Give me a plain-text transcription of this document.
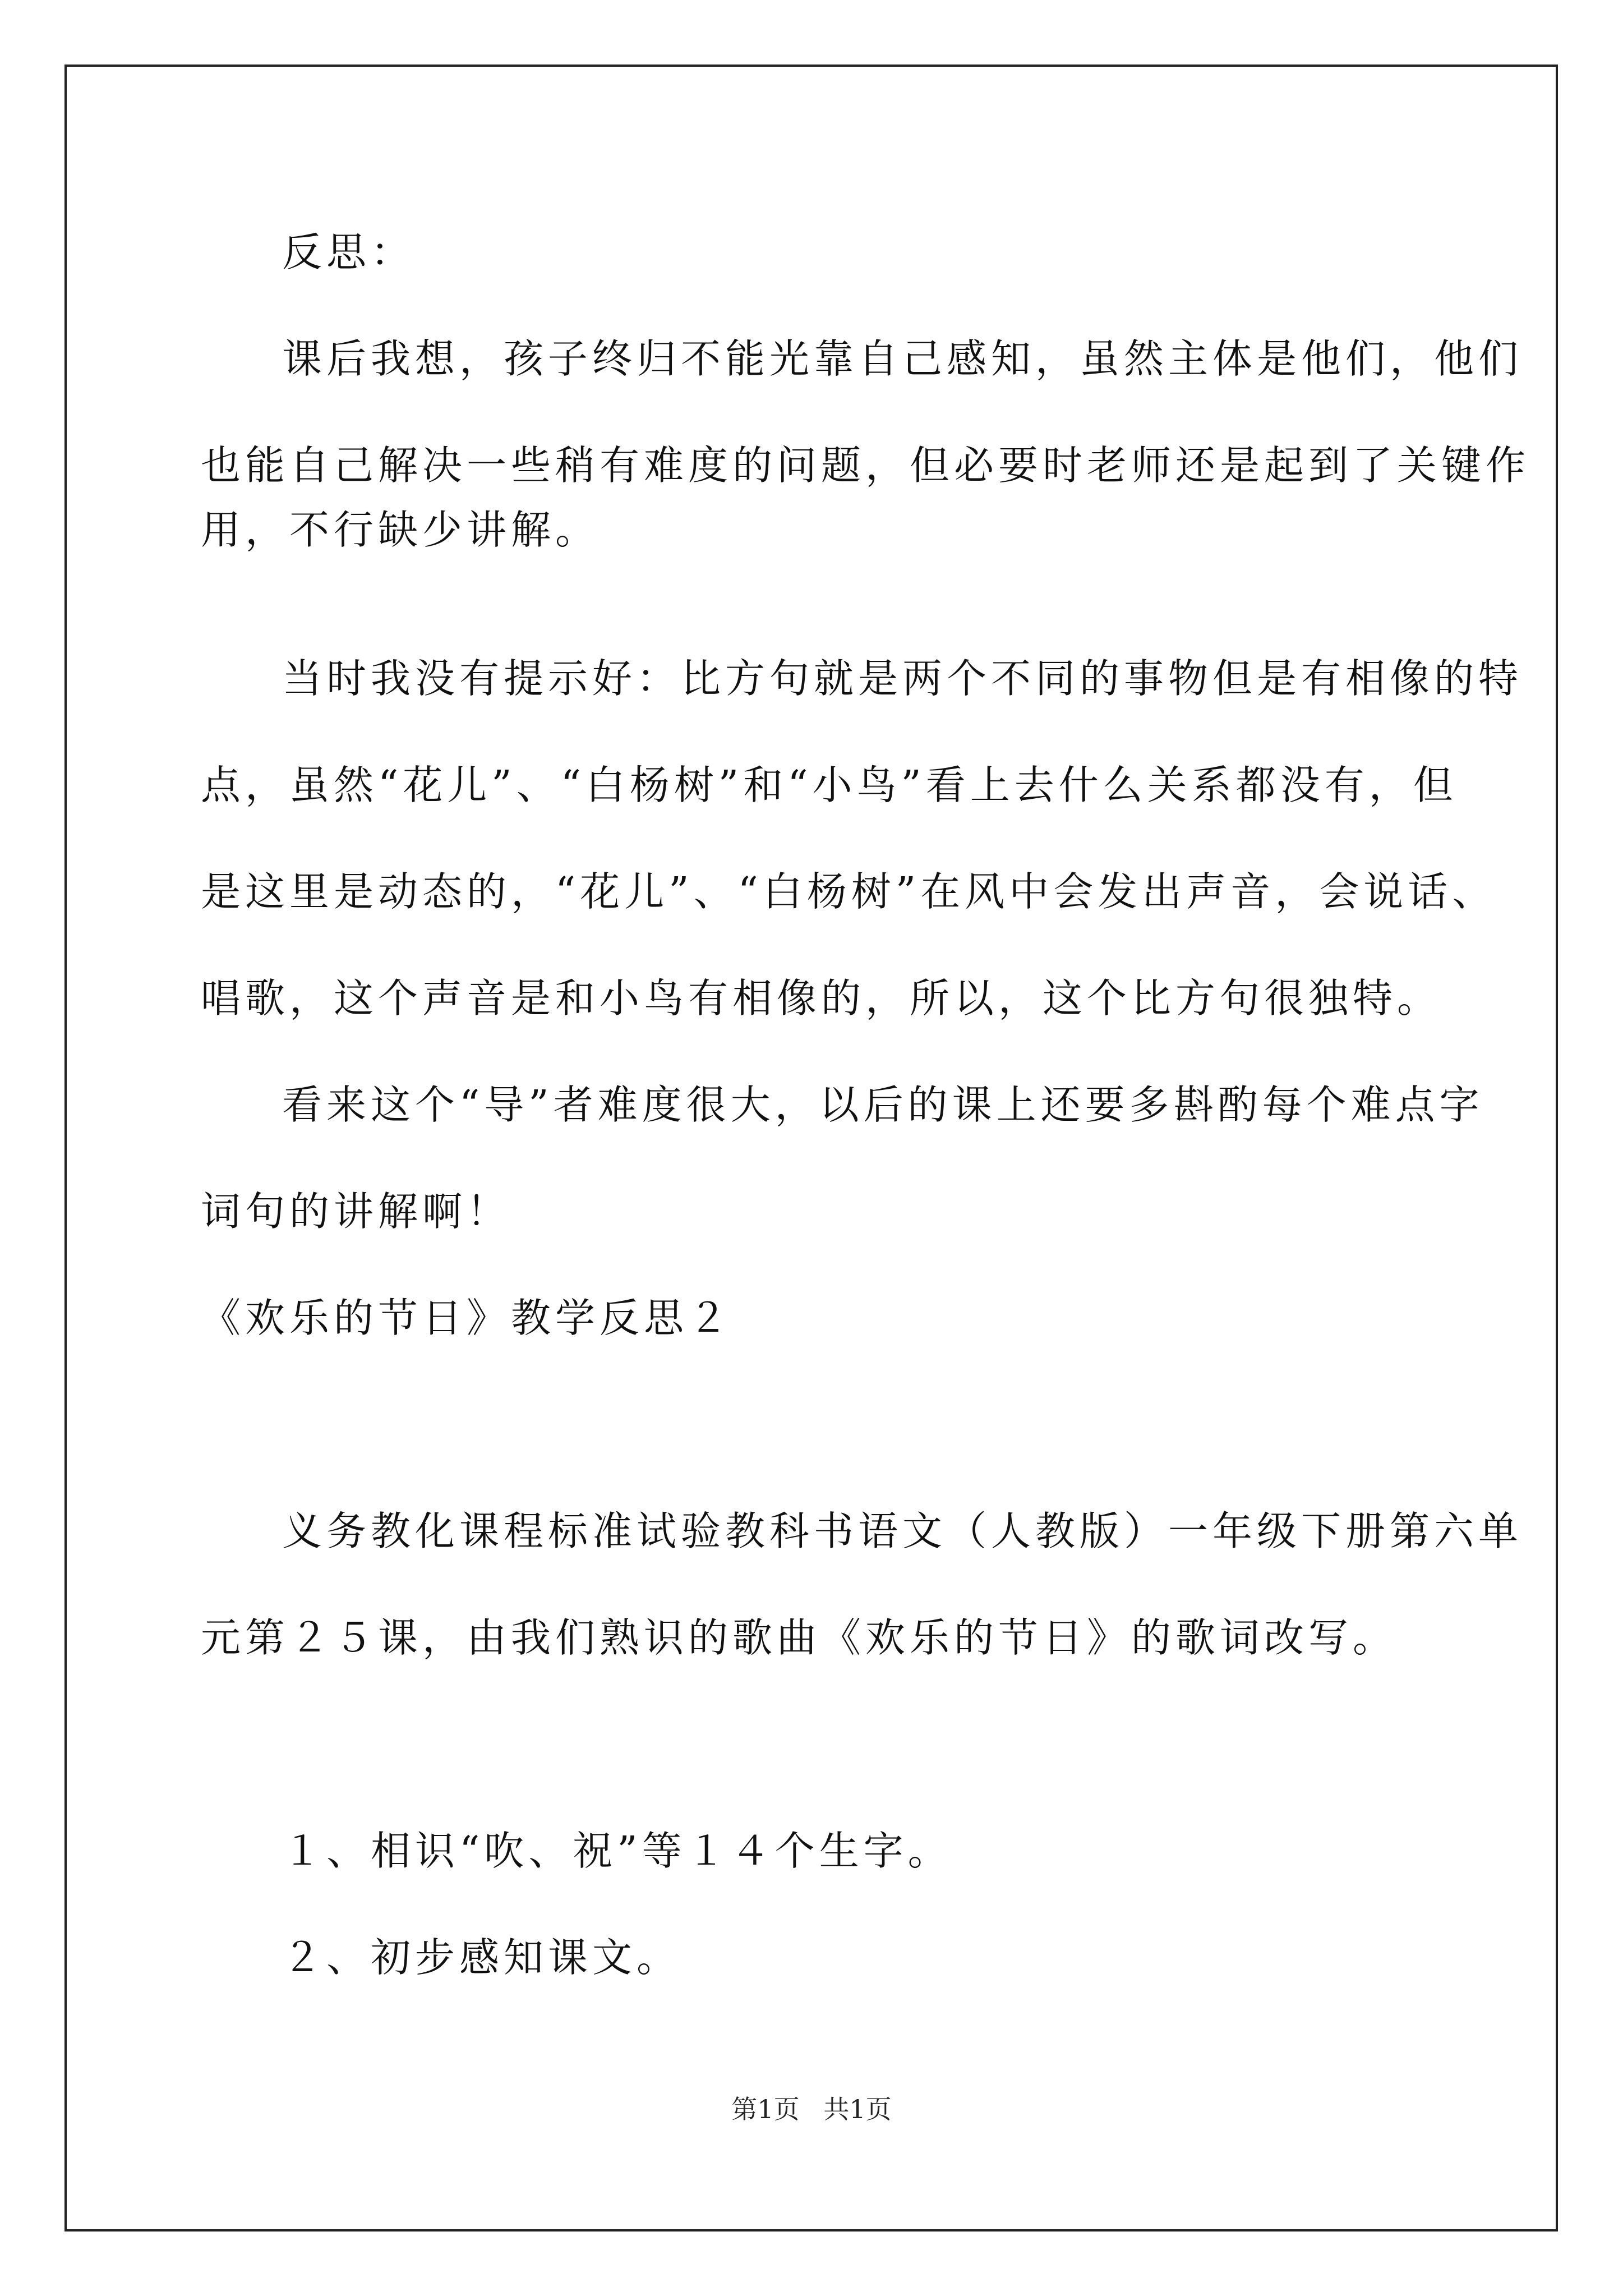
反思：
课后我想，孩子终归不能光靠自己感知，虽然主体是他们，他们
也能自己解决一些稍有难度的问题，但必要时老师还是起到了关键作
用，不行缺少讲解。
当时我没有提示好：比方句就是两个不同的事物但是有相像的特
点，虽然“花儿”、“白杨树”和“小鸟”看上去什么关系都没有，但
是这里是动态的，“花儿”、“白杨树”在风中会发出声音，会说话、
唱歌，这个声音是和小鸟有相像的，所以，这个比方句很独特。
看来这个“导”者难度很大，以后的课上还要多斟酌每个难点字
词句的讲解啊！
《欢乐的节日》教学反思２
义务教化课程标准试验教科书语文（人教版）一年级下册第六单
元第２５课，由我们熟识的歌曲《欢乐的节日》的歌词改写。
１、相识“吹、祝”等１４个生字。
２、初步感知课文。
第1页 共1页
